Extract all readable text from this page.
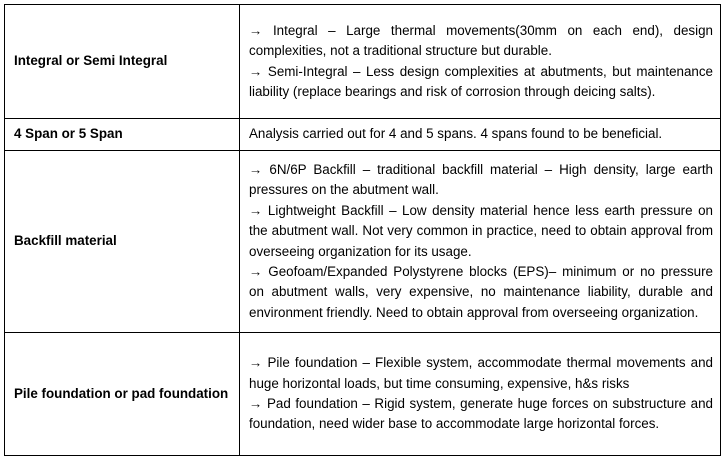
Integral or Semi Integral	→ Integral – Large thermal movements(30mm on each end), design complexities, not a traditional structure but durable.
→ Semi-Integral – Less design complexities at abutments, but maintenance liability (replace bearings and risk of corrosion through deicing salts).

4 Span or 5 Span	Analysis carried out for 4 and 5 spans. 4 spans found to be beneficial.
Backfill material	→ 6N/6P Backfill – traditional backfill material – High density, large earth pressures on the abutment wall.
→ Lightweight Backfill – Low density material hence less earth pressure on the abutment wall. Not very common in practice, need to obtain approval from overseeing organization for its usage.
→ Geofoam/Expanded Polystyrene blocks (EPS)– minimum or no pressure on abutment walls, very expensive, no maintenance liability, durable and environment friendly. Need to obtain approval from overseeing organization.

Pile foundation or pad foundation	→ Pile foundation – Flexible system, accommodate thermal movements and huge horizontal loads, but time consuming, expensive, h&s risks
→ Pad foundation – Rigid system, generate huge forces on substructure and foundation, need wider base to accommodate large horizontal forces.
